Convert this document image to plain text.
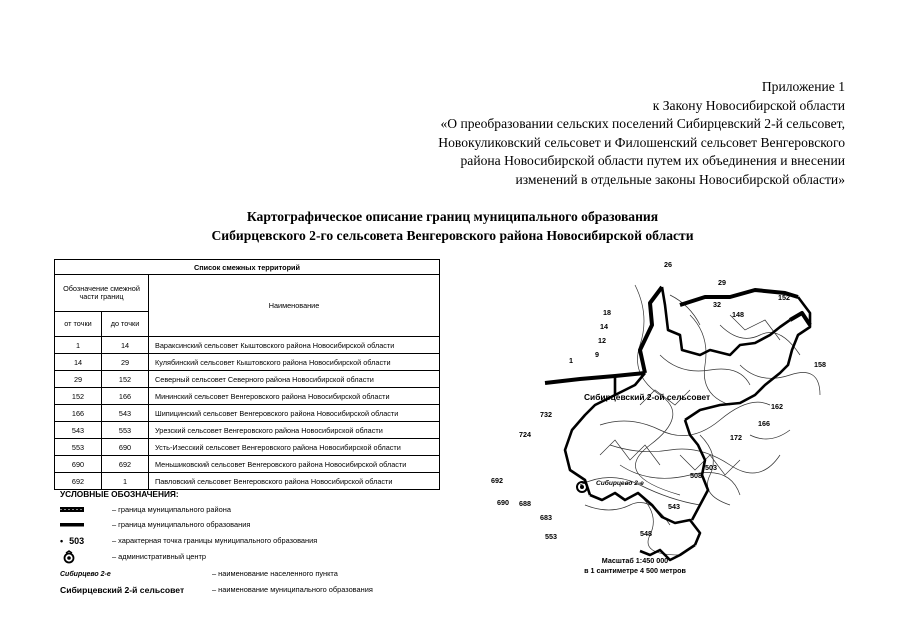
Приложение 1
к Закону Новосибирской области
«О преобразовании сельских поселений Сибирцевский 2-й сельсовет,
Новокуликовский сельсовет и Филошенский сельсовет Венгеровского
района Новосибирской области путем их объединения и внесении
изменений в отдельные законы Новосибирской области»
Картографическое описание границ муниципального образования
Сибирцевского 2-го сельсовета Венгеровского района Новосибирской области
Список смежных территорий		
Обозначение смежной части границ		Наименование
от точки	до точки	
1	14	Вараксинский сельсовет Кыштовского района Новосибирской области
14	29	Кулябинский сельсовет Кыштовского района Новосибирской области
29	152	Северный сельсовет Северного района Новосибирской области
152	166	Мининский сельсовет Венгеровского района Новосибирской области
166	543	Шипицинский сельсовет Венгеровского района Новосибирской области
543	553	Урезский сельсовет Венгеровского района Новосибирской области
553	690	Усть-Изесский сельсовет Венгеровского района Новосибирской области
690	692	Меньшиковский сельсовет Венгеровского района Новосибирской области
692	1	Павловский сельсовет Венгеровского района Новосибирской области
УСЛОВНЫЕ ОБОЗНАЧЕНИЯ:
– граница муниципального района
– граница муниципального образования
• 503	– характерная точка границы муниципального образования
– административный центр
Сибирцево 2-е	– наименование населенного пункта
Сибирцевский 2-й сельсовет	– наименование муниципального образования
26
29
32
152
148
18
14
12
9
1	158
162
166
172
732
724
503
508
692
690 688
683
543
548
553
Сибирцевский 2-ой сельсовет
Сибирцево 2-е
Масштаб 1:450 000
в 1 сантиметре 4 500 метров
